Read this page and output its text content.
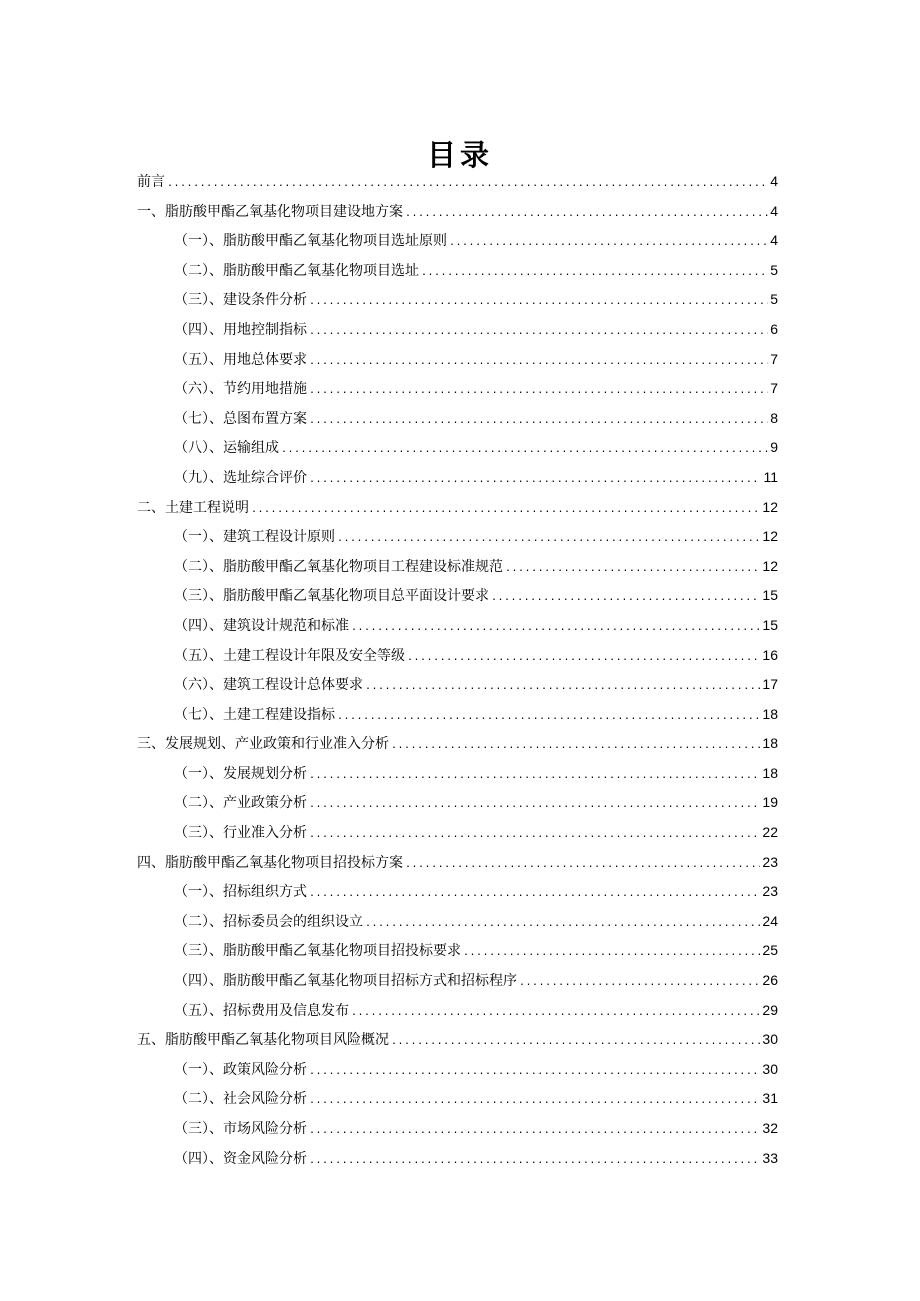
目录
前言 .....	4
一、脂肪酸甲酯乙氧基化物项目建设地方案 .....	4
（一）、脂肪酸甲酯乙氧基化物项目选址原则 .....	4
（二）、脂肪酸甲酯乙氧基化物项目选址 .....	5
（三）、建设条件分析 .....	5
（四）、用地控制指标 .....	6
（五）、用地总体要求 .....	7
（六）、节约用地措施 .....	7
（七）、总图布置方案 .....	8
（八）、运输组成 .....	9
（九）、选址综合评价 .....	11
二、土建工程说明 .....	12
（一）、建筑工程设计原则 .....	12
（二）、脂肪酸甲酯乙氧基化物项目工程建设标准规范 .....	12
（三）、脂肪酸甲酯乙氧基化物项目总平面设计要求 .....	15
（四）、建筑设计规范和标准 .....	15
（五）、土建工程设计年限及安全等级 .....	16
（六）、建筑工程设计总体要求 .....	17
（七）、土建工程建设指标 .....	18
三、发展规划、产业政策和行业准入分析 .....	18
（一）、发展规划分析 .....	18
（二）、产业政策分析 .....	19
（三）、行业准入分析 .....	22
四、脂肪酸甲酯乙氧基化物项目招投标方案 .....	23
（一）、招标组织方式 .....	23
（二）、招标委员会的组织设立 .....	24
（三）、脂肪酸甲酯乙氧基化物项目招投标要求 .....	25
（四）、脂肪酸甲酯乙氧基化物项目招标方式和招标程序 .....	26
（五）、招标费用及信息发布 .....	29
五、脂肪酸甲酯乙氧基化物项目风险概况 .....	30
（一）、政策风险分析 .....	30
（二）、社会风险分析 .....	31
（三）、市场风险分析 .....	32
（四）、资金风险分析 .....	33
